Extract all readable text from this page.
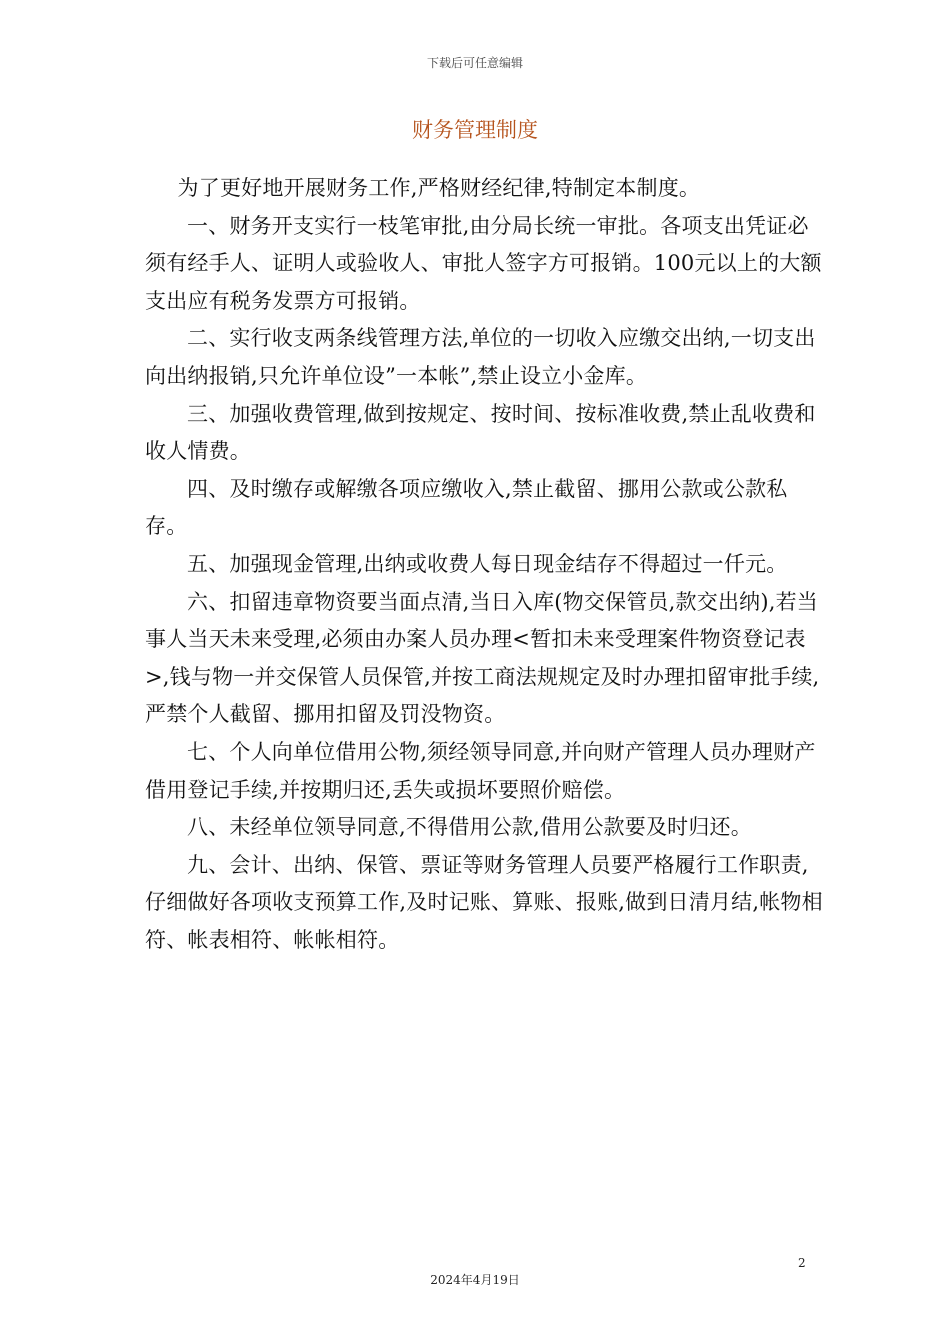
下载后可任意编辑
财务管理制度

为了更好地开展财务工作,严格财经纪律,特制定本制度。

一、财务开支实行一枝笔审批,由分局长统一审批。各项支出凭证必须有经手人、证明人或验收人、审批人签字方可报销。100元以上的大额支出应有税务发票方可报销。

二、实行收支两条线管理方法,单位的一切收入应缴交出纳,一切支出向出纳报销,只允许单位设”一本帐”,禁止设立小金库。

三、加强收费管理,做到按规定、按时间、按标准收费,禁止乱收费和收人情费。

四、及时缴存或解缴各项应缴收入,禁止截留、挪用公款或公款私存。

五、加强现金管理,出纳或收费人每日现金结存不得超过一仟元。

六、扣留违章物资要当面点清,当日入库(物交保管员,款交出纳),若当事人当天未来受理,必须由办案人员办理<暂扣未来受理案件物资登记表>,钱与物一并交保管人员保管,并按工商法规规定及时办理扣留审批手续,严禁个人截留、挪用扣留及罚没物资。

七、个人向单位借用公物,须经领导同意,并向财产管理人员办理财产借用登记手续,并按期归还,丢失或损坏要照价赔偿。

八、未经单位领导同意,不得借用公款,借用公款要及时归还。

九、会计、出纳、保管、票证等财务管理人员要严格履行工作职责,仔细做好各项收支预算工作,及时记账、算账、报账,做到日清月结,帐物相符、帐表相符、帐帐相符。

2
2024年4月19日
